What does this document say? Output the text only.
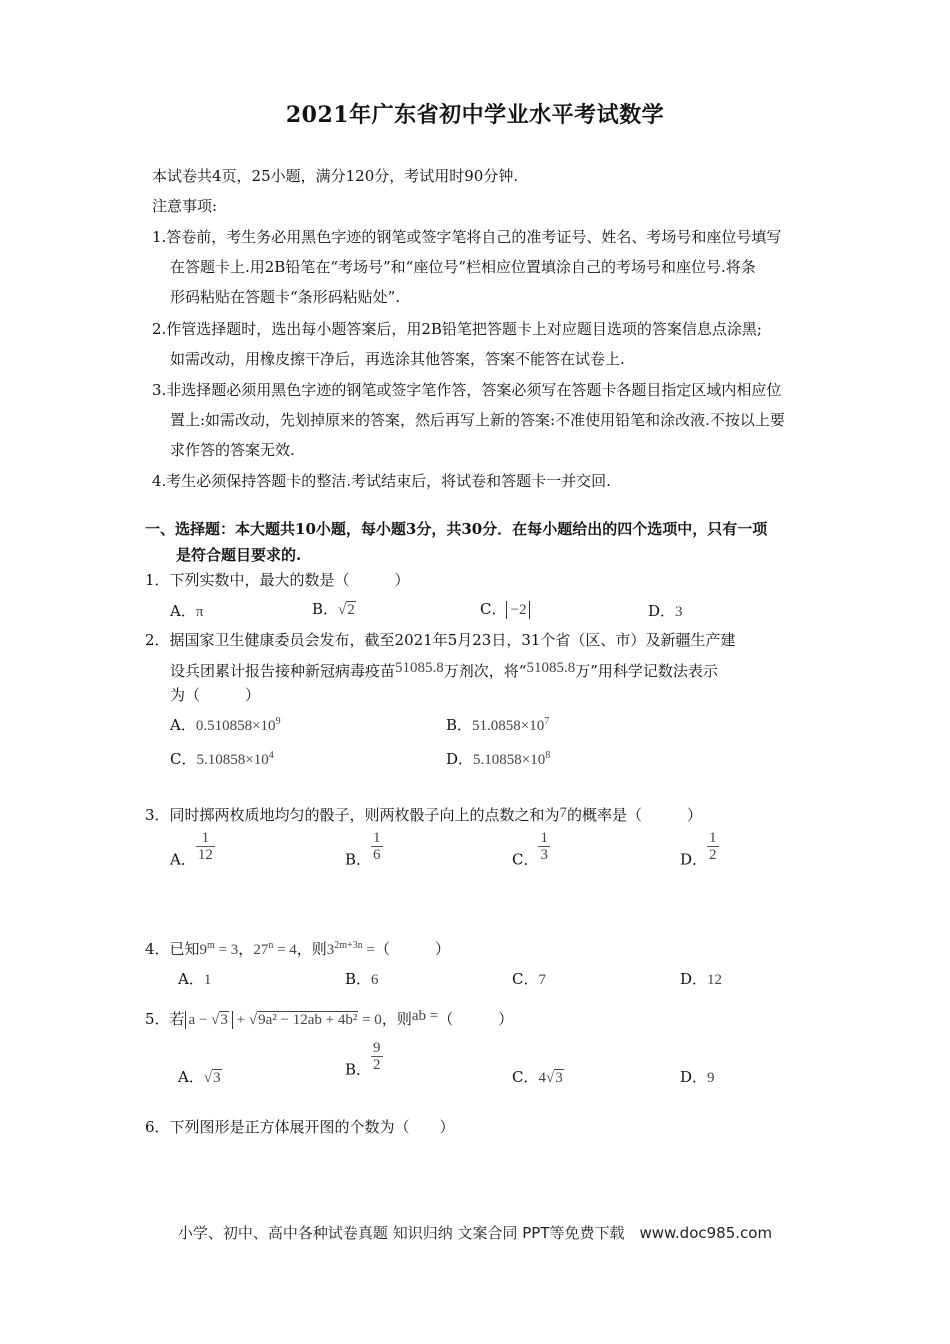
2021年广东省初中学业水平考试数学
本试卷共4页，25小题，满分120分，考试用时90分钟.
注意事项:
1.答卷前，考生务必用黑色字迹的钢笔或签字笔将自己的准考证号、姓名、考场号和座位号填写
在答题卡上.用2B铅笔在“考场号”和“座位号”栏相应位置填涂自己的考场号和座位号.将条
形码粘贴在答题卡“条形码粘贴处”.
2.作管选择题时，选出每小题答案后，用2B铅笔把答题卡上对应题目选项的答案信息点涂黑;
如需改动，用橡皮擦干净后，再选涂其他答案，答案不能答在试卷上.
3.非选择题必须用黑色字迹的钢笔或签字笔作答，答案必须写在答题卡各题目指定区域内相应位
置上:如需改动，先划掉原来的答案，然后再写上新的答案:不准使用铅笔和涂改液.不按以上要
求作答的答案无效.
4.考生必须保持答题卡的整洁.考试结束后，将试卷和答题卡一并交回.
一、选择题：本大题共10小题，每小题3分，共30分．在每小题给出的四个选项中，只有一项
是符合题目要求的.
1．下列实数中，最大的数是（　　　）
A．π	B．√2	C． −2	D．3
2．据国家卫生健康委员会发布，截至2021年5月23日，31个省（区、市）及新疆生产建
设兵团累计报告接种新冠病毒疫苗51085.8万剂次，将“51085.8万”用科学记数法表示
为（　　　）
A．$0.510858\times 10^9$	B．$51.0858\times 10^7$
C．$5.10858\times 10^4$	D．$5.10858\times 10^8$
3．同时掷两枚质地均匀的骰子，则两枚骰子向上的点数之和为7的概率是（　　　）
A． $\frac{1}{12}$	B． $\frac{1}{6}$	C． $\frac{1}{3}$	D． $\frac{1}{2}$
4．已知$9^m = 3$，$27^n = 4$，则$3^{2m+3n}$ =（　　　）
A．1	B．6	C．7	D．12
5．若 a − √3 + √9a² − 12ab + 4b² = 0，则ab =（　　　）
A．√3	B． $\frac{9}{2}$
C．4√3	D．9
6．下列图形是正方体展开图的个数为（　　）
小学、初中、高中各种试卷真题 知识归纳 文案合同 PPT等免费下载　www.doc985.com
